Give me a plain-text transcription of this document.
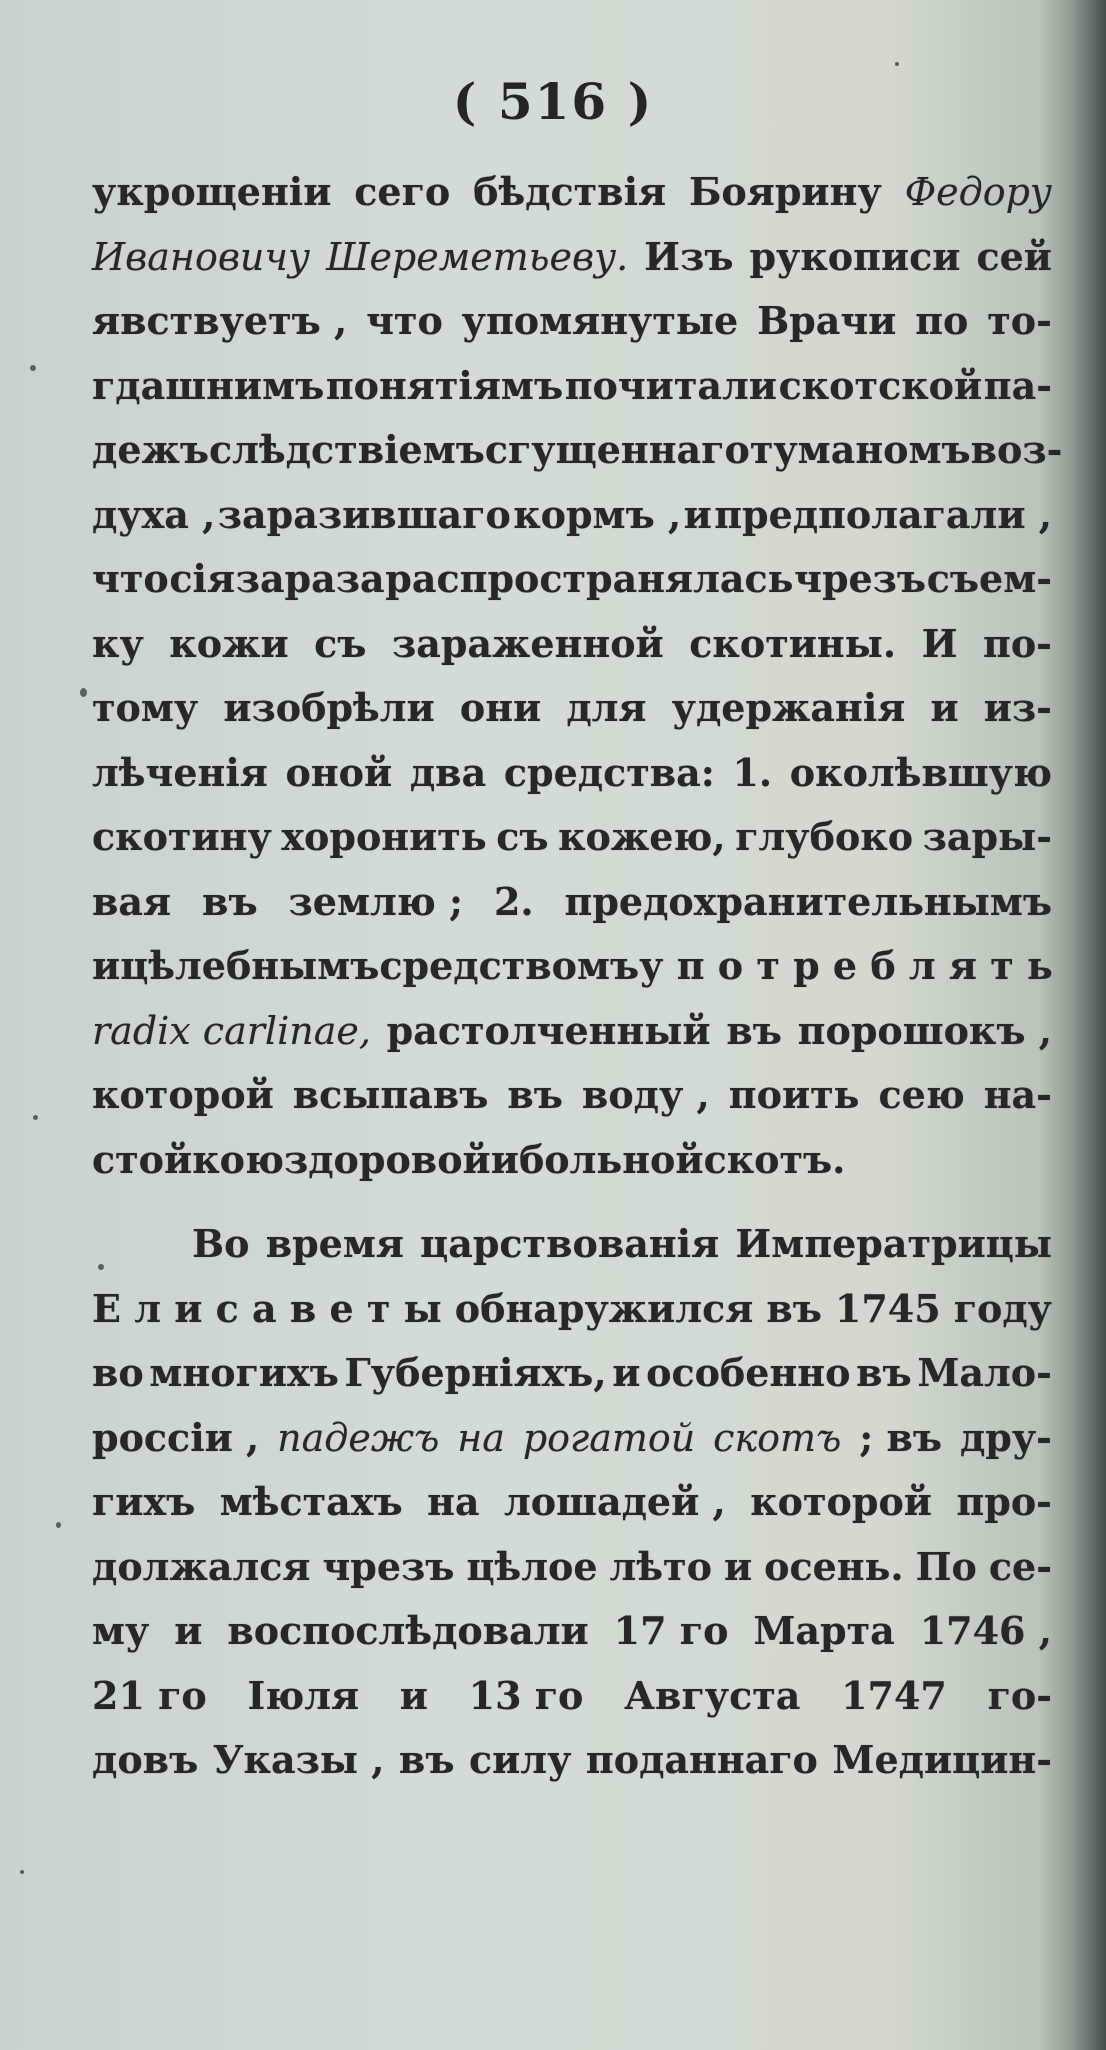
( 516 )
укрощеніи сего бѣдствія Боярину Федору
Ивановичу Шереметьеву. Изъ рукописи сей
явствуетъ , что упомянутые Врачи по то-
гдашнимъ понятіямъ почитали скотской па-
дежъ слѣдствіемъ сгущеннаго туманомъ воз-
духа , заразившаго кормъ , и предполагали ,
что сія зараза распространялась чрезъ съем-
ку кожи съ зараженной скотины. И по-
тому изобрѣли они для удержанія и из-
лѣченія оной два средства: 1. околѣвшую
скотину хоронить съ кожею, глубоко зары-
вая въ землю ; 2. предохранительнымъ
и цѣлебнымъ средствомъ у п о т р е б л я т ь
radix carlinae, растолченный въ порошокъ ,
которой всыпавъ въ воду , поить сею на-
стойкою здоровой и больной скотъ.
Во время царствованія Императрицы
Е л и с а в е т ы обнаружился въ 1745 году
во многихъ Губерніяхъ, и особенно въ Мало-
россіи , падежъ на рогатой скотъ ; въ дру-
гихъ мѣстахъ на лошадей , которой про-
должался чрезъ цѣлое лѣто и осень. По се-
му и воспослѣдовали 17 го Марта 1746 ,
21 го Іюля и 13 го Августа 1747 го-
довъ Указы , въ силу поданнаго Медицин-
